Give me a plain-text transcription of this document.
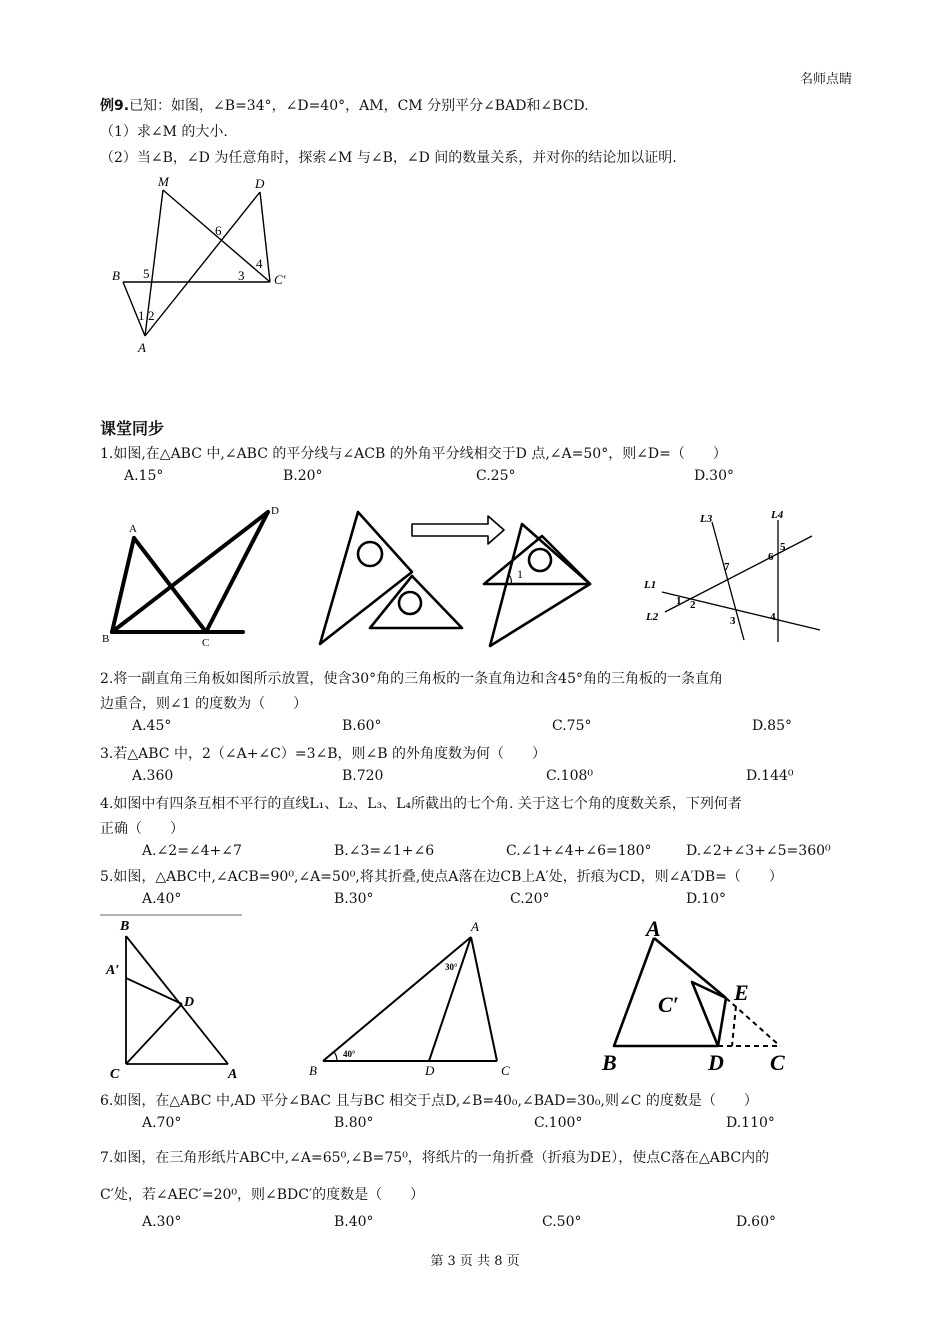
名师点睛
例9.已知：如图，∠B=34°，∠D=40°，AM，CM 分别平分∠BAD和∠BCD.
（1）求∠M 的大小.
（2）当∠B，∠D 为任意角时，探索∠M 与∠B，∠D 间的数量关系，并对你的结论加以证明.
M	D
B	C'
A
1 2
3
4
5
6
课堂同步
1.如图,在△ABC 中,∠ABC 的平分线与∠ACB 的外角平分线相交于D 点,∠A=50°，则∠D=（　　）
A.15°	B.20°	C.25°	D.30°
A
B	C
D
1
L3	L4
L1
L2
1 2
3	4
5
6
7
2.将一副直角三角板如图所示放置，使含30°角的三角板的一条直角边和含45°角的三角板的一条直角
边重合，则∠1 的度数为（　　）
A.45°	B.60°	C.75°	D.85°
3.若△ABC 中，2（∠A+∠C）=3∠B，则∠B 的外角度数为何（　　）
A.360	B.720	C.108⁰	D.144⁰
4.如图中有四条互相不平行的直线L₁、L₂、L₃、L₄所截出的七个角. 关于这七个角的度数关系，下列何者
正确（　　）
A.∠2=∠4+∠7	B.∠3=∠1+∠6	C.∠1+∠4+∠6=180° D.∠2+∠3+∠5=360⁰
5.如图，△ABC中,∠ACB=90⁰,∠A=50⁰,将其折叠,使点A落在边CB上A′处，折痕为CD，则∠A′DB=（　　）
A.40°	B.30°	C.20°	D.10°
B
A′
D
C	A
A
B	D	C
30°
40°
A
C′	E
B	D C
6.如图，在△ABC 中,AD 平分∠BAC 且与BC 相交于点D,∠B=40₀,∠BAD=30₀,则∠C 的度数是（　　）
A.70°	B.80°	C.100°	D.110°
7.如图，在三角形纸片ABC中,∠A=65⁰,∠B=75⁰，将纸片的一角折叠（折痕为DE），使点C落在△ABC内的
C′处，若∠AEC′=20⁰，则∠BDC′的度数是（　　）
A.30°	B.40°	C.50°	D.60°
第 3 页 共 8 页
